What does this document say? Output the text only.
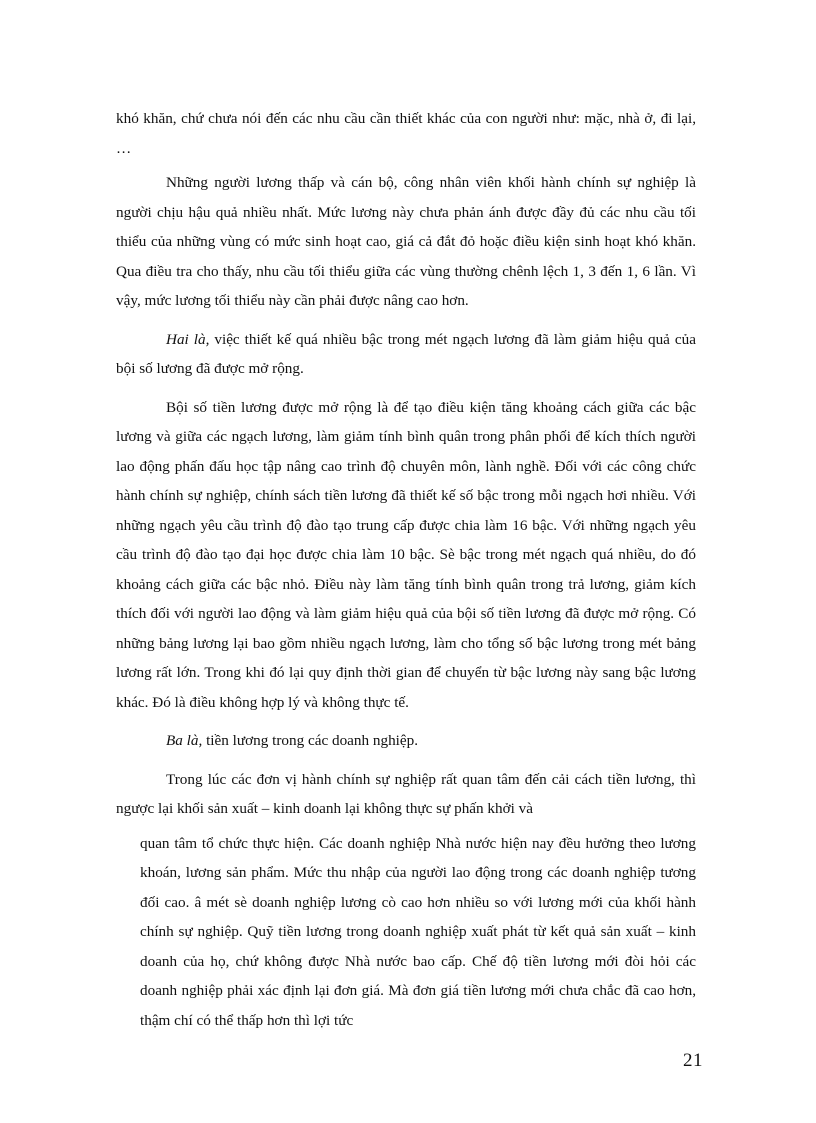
khó khăn, chứ chưa nói đến các nhu cầu cần thiết khác của con người như: mặc, nhà ở, đi lại, …

Những người lương thấp và cán bộ, công nhân viên khối hành chính sự nghiệp là người chịu hậu quả nhiều nhất. Mức lương này chưa phản ánh được đầy đủ các nhu cầu tối thiểu của những vùng có mức sinh hoạt cao, giá cả đắt đỏ hoặc điều kiện sinh hoạt khó khăn. Qua điều tra cho thấy, nhu cầu tối thiểu giữa các vùng thường chênh lệch 1, 3 đến 1, 6 lần. Vì vậy, mức lương tối thiểu này cần phải được nâng cao hơn.

Hai là, việc thiết kế quá nhiều bậc trong mét ngạch lương đã làm giảm hiệu quả của bội số lương đã được mở rộng.

Bội số tiền lương được mở rộng là để tạo điều kiện tăng khoảng cách giữa các bậc lương và giữa các ngạch lương, làm giảm tính bình quân trong phân phối để kích thích người lao động phấn đấu học tập nâng cao trình độ chuyên môn, lành nghề. Đối với các công chức hành chính sự nghiệp, chính sách tiền lương đã thiết kế số bậc trong mỗi ngạch hơi nhiều. Với những ngạch yêu cầu trình độ đào tạo trung cấp được chia làm 16 bậc. Với những ngạch yêu cầu trình độ đào tạo đại học được chia làm 10 bậc. Sè bậc trong mét ngạch quá nhiều, do đó khoảng cách giữa các bậc nhỏ. Điều này làm tăng tính bình quân trong trả lương, giảm kích thích đối với người lao động và làm giảm hiệu quả của bội số tiền lương đã được mở rộng. Có những bảng lương lại bao gồm nhiều ngạch lương, làm cho tổng số bậc lương trong mét bảng lương rất lớn. Trong khi đó lại quy định thời gian để chuyển từ bậc lương này sang bậc lương khác. Đó là điều không hợp lý và không thực tế.

Ba là, tiền lương trong các doanh nghiệp.

Trong lúc các đơn vị hành chính sự nghiệp rất quan tâm đến cải cách tiền lương, thì ngược lại khối sản xuất – kinh doanh lại không thực sự phấn khởi và

quan tâm tổ chức thực hiện. Các doanh nghiệp Nhà nước hiện nay đều hưởng theo lương khoán, lương sản phẩm. Mức thu nhập của người lao động trong các doanh nghiệp tương đối cao. â mét sè doanh nghiệp lương cò cao hơn nhiều so với lương mới của khối hành chính sự nghiệp. Quỹ tiền lương trong doanh nghiệp xuất phát từ kết quả sản xuất – kinh doanh của họ, chứ không được Nhà nước bao cấp. Chế độ tiền lương mới đòi hỏi các doanh nghiệp phải xác định lại đơn giá. Mà đơn giá tiền lương mới chưa chắc đã cao hơn, thậm chí có thể thấp hơn thì lợi tức

21
